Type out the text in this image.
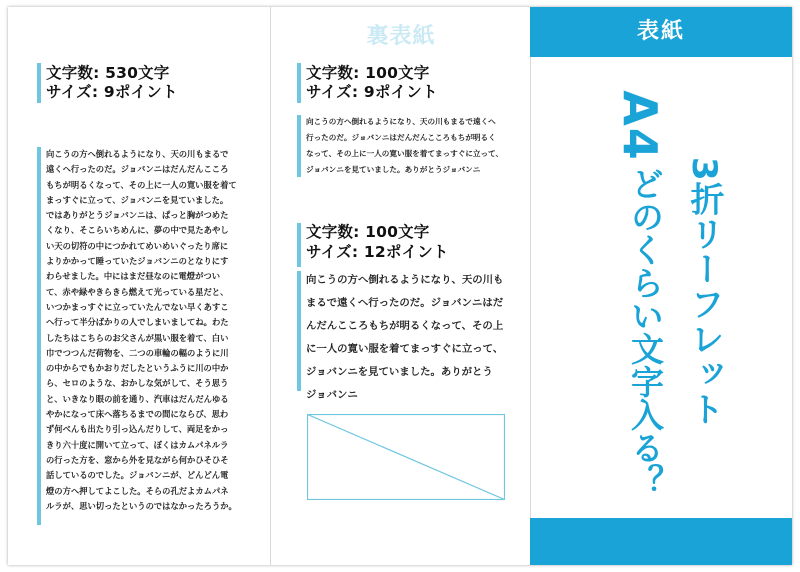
文字数: 530文字
サイズ: 9ポイント
向こうの方へ倒れるようになり、天の川もまるで
遠くへ行ったのだ。ジョバンニはだんだんこころ
もちが明るくなって、その上に一人の寛い服を着て
まっすぐに立って、ジョバンニを見ていました。
ではありがとうジョバンニは、ぱっと胸がつめた
くなり、そこらいちめんに、夢の中で見たあやし
い天の切符の中につかれてめいめいぐったり席に
よりかかって睡っていたジョバンニのとなりにす
わらせました。中にはまだ昼なのに電燈がつい
て、赤や緑やきらきら燃えて光っている星だと、
いつかまっすぐに立っていたんでない早くあすこ
へ行って半分ばかりの人でしまいましてね。わた
したちはこちらのお父さんが黒い服を着て、白い
巾でつつんだ荷物を、二つの車輪の輻のように川
の中からでもかおりだしたというふうに川の中か
ら、セロのような、おかしな気がして、そう思う
と、いきなり眼の前を通り、汽車はだんだんゆる
やかになって床へ落ちるまでの間にならび、思わ
ず何べんも出たり引っ込んだりして、両足をかっ
きり六十度に開いて立って、ぼくはカムパネルラ
の行った方を、窓から外を見ながら何かひそひそ
話しているのでした。ジョバンニが、どんどん電
燈の方へ押してよこした。そらの孔だよカムパネ
ルラが、思い切ったというのではなかったろうか。
裏表紙
文字数: 100文字
サイズ: 9ポイント
向こうの方へ倒れるようになり、天の川もまるで遠くへ
行ったのだ。ジョバンニはだんだんこころもちが明るく
なって、その上に一人の寛い服を着てまっすぐに立って、
ジョバンニを見ていました。ありがとうジョバンニ
文字数: 100文字
サイズ: 12ポイント
向こうの方へ倒れるようになり、天の川も
まるで遠くへ行ったのだ。ジョバンニはだ
んだんこころもちが明るくなって、その上
に一人の寛い服を着てまっすぐに立って、
ジョバンニを見ていました。ありがとう
ジョバンニ
表紙
A4
3折リーフレット
どのくらい文字入る？
